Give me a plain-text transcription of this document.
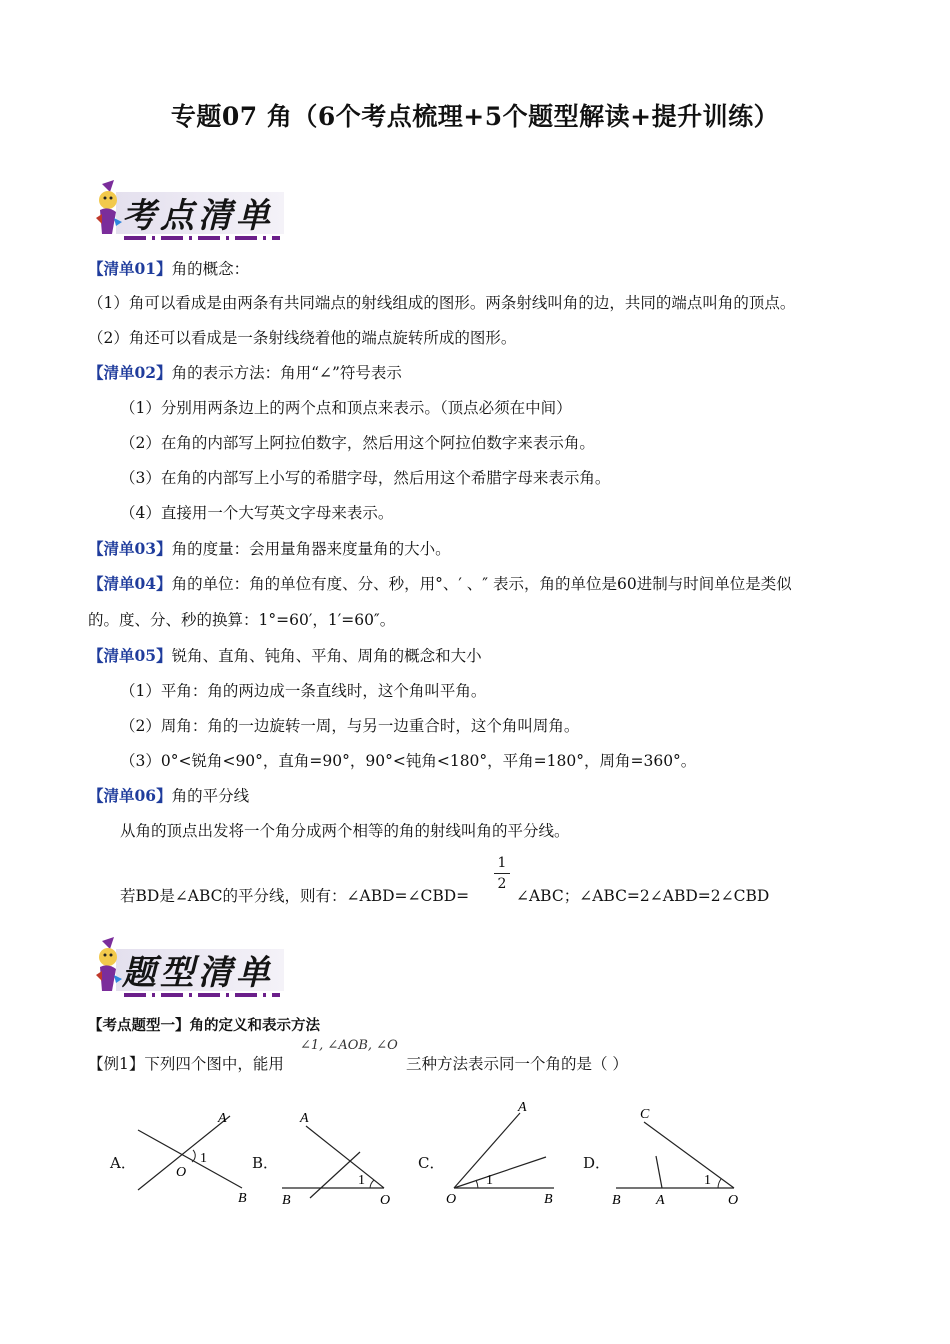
专题07 角（6个考点梳理+5个题型解读+提升训练）
考点清单
【清单01】角的概念：
（1）角可以看成是由两条有共同端点的射线组成的图形。两条射线叫角的边，共同的端点叫角的顶点。
（2）角还可以看成是一条射线绕着他的端点旋转所成的图形。
【清单02】角的表示方法：角用“∠”符号表示
（1）分别用两条边上的两个点和顶点来表示。（顶点必须在中间）
（2）在角的内部写上阿拉伯数字，然后用这个阿拉伯数字来表示角。
（3）在角的内部写上小写的希腊字母，然后用这个希腊字母来表示角。
（4）直接用一个大写英文字母来表示。
【清单03】角的度量：会用量角器来度量角的大小。
【清单04】角的单位：角的单位有度、分、秒，用°、′ 、″ 表示，角的单位是60进制与时间单位是类似
的。度、分、秒的换算：1°=60′，1′=60″。
【清单05】锐角、直角、钝角、平角、周角的概念和大小
（1）平角：角的两边成一条直线时，这个角叫平角。
（2）周角：角的一边旋转一周，与另一边重合时，这个角叫周角。
（3）0°<锐角<90°，直角=90°，90°<钝角<180°，平角=180°，周角=360°。
【清单06】角的平分线
从角的顶点出发将一个角分成两个相等的角的射线叫角的平分线。
若BD是∠ABC的平分线，则有：∠ABD=∠CBD=
1
2
∠ABC；∠ABC=2∠ABD=2∠CBD
题型清单
【考点题型一】角的定义和表示方法
∠1, ∠AOB, ∠O
【例1】下列四个图中，能用	三种方法表示同一个角的是（ ）
A．	B．	C．	D．
A
O
1
B
A
1
B	O
A
1
O	B
C
1
B	A	O
